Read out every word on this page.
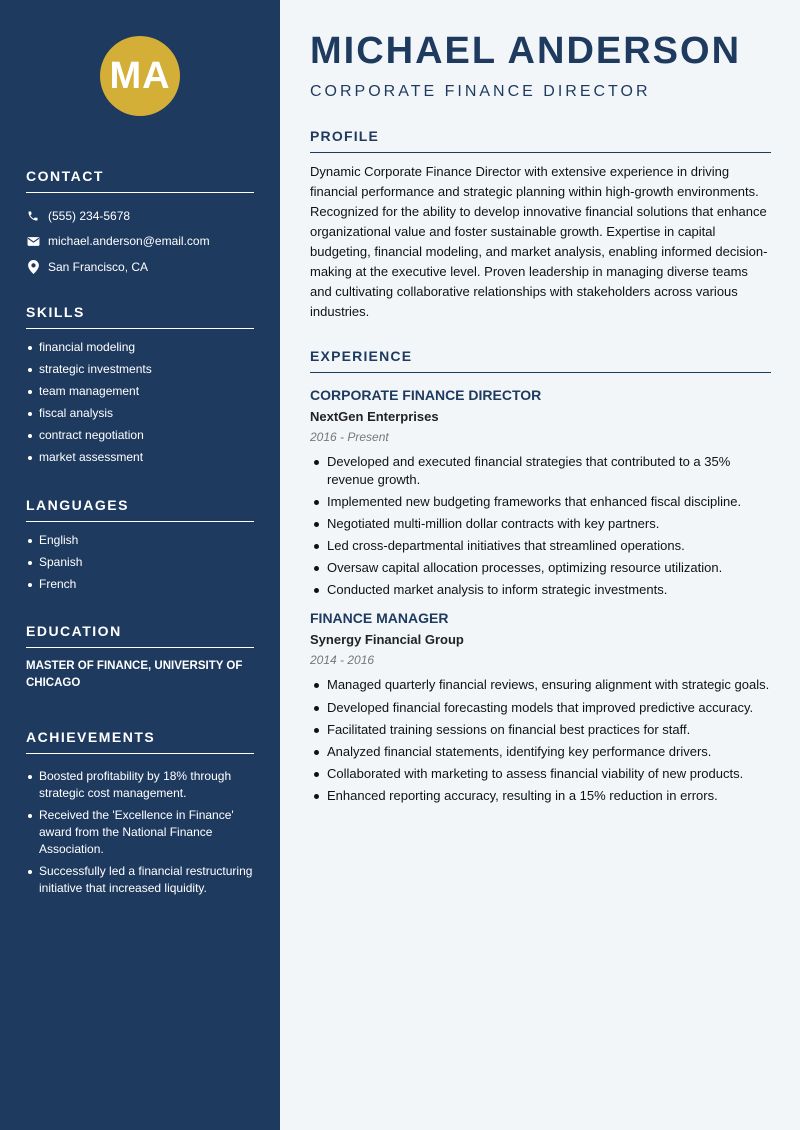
MA
CONTACT
(555) 234-5678
michael.anderson@email.com
San Francisco, CA
SKILLS
financial modeling
strategic investments
team management
fiscal analysis
contract negotiation
market assessment
LANGUAGES
English
Spanish
French
EDUCATION
MASTER OF FINANCE, UNIVERSITY OF CHICAGO
ACHIEVEMENTS
Boosted profitability by 18% through strategic cost management.
Received the 'Excellence in Finance' award from the National Finance Association.
Successfully led a financial restructuring initiative that increased liquidity.
MICHAEL ANDERSON
CORPORATE FINANCE DIRECTOR
PROFILE

Dynamic Corporate Finance Director with extensive experience in driving financial performance and strategic planning within high-growth environments. Recognized for the ability to develop innovative financial solutions that enhance organizational value and foster sustainable growth. Expertise in capital budgeting, financial modeling, and market analysis, enabling informed decision-making at the executive level. Proven leadership in managing diverse teams and cultivating collaborative relationships with stakeholders across various industries.

EXPERIENCE
CORPORATE FINANCE DIRECTOR
NextGen Enterprises
2016 - Present
Developed and executed financial strategies that contributed to a 35% revenue growth.
Implemented new budgeting frameworks that enhanced fiscal discipline.
Negotiated multi-million dollar contracts with key partners.
Led cross-departmental initiatives that streamlined operations.
Oversaw capital allocation processes, optimizing resource utilization.
Conducted market analysis to inform strategic investments.
FINANCE MANAGER
Synergy Financial Group
2014 - 2016
Managed quarterly financial reviews, ensuring alignment with strategic goals.
Developed financial forecasting models that improved predictive accuracy.
Facilitated training sessions on financial best practices for staff.
Analyzed financial statements, identifying key performance drivers.
Collaborated with marketing to assess financial viability of new products.
Enhanced reporting accuracy, resulting in a 15% reduction in errors.
